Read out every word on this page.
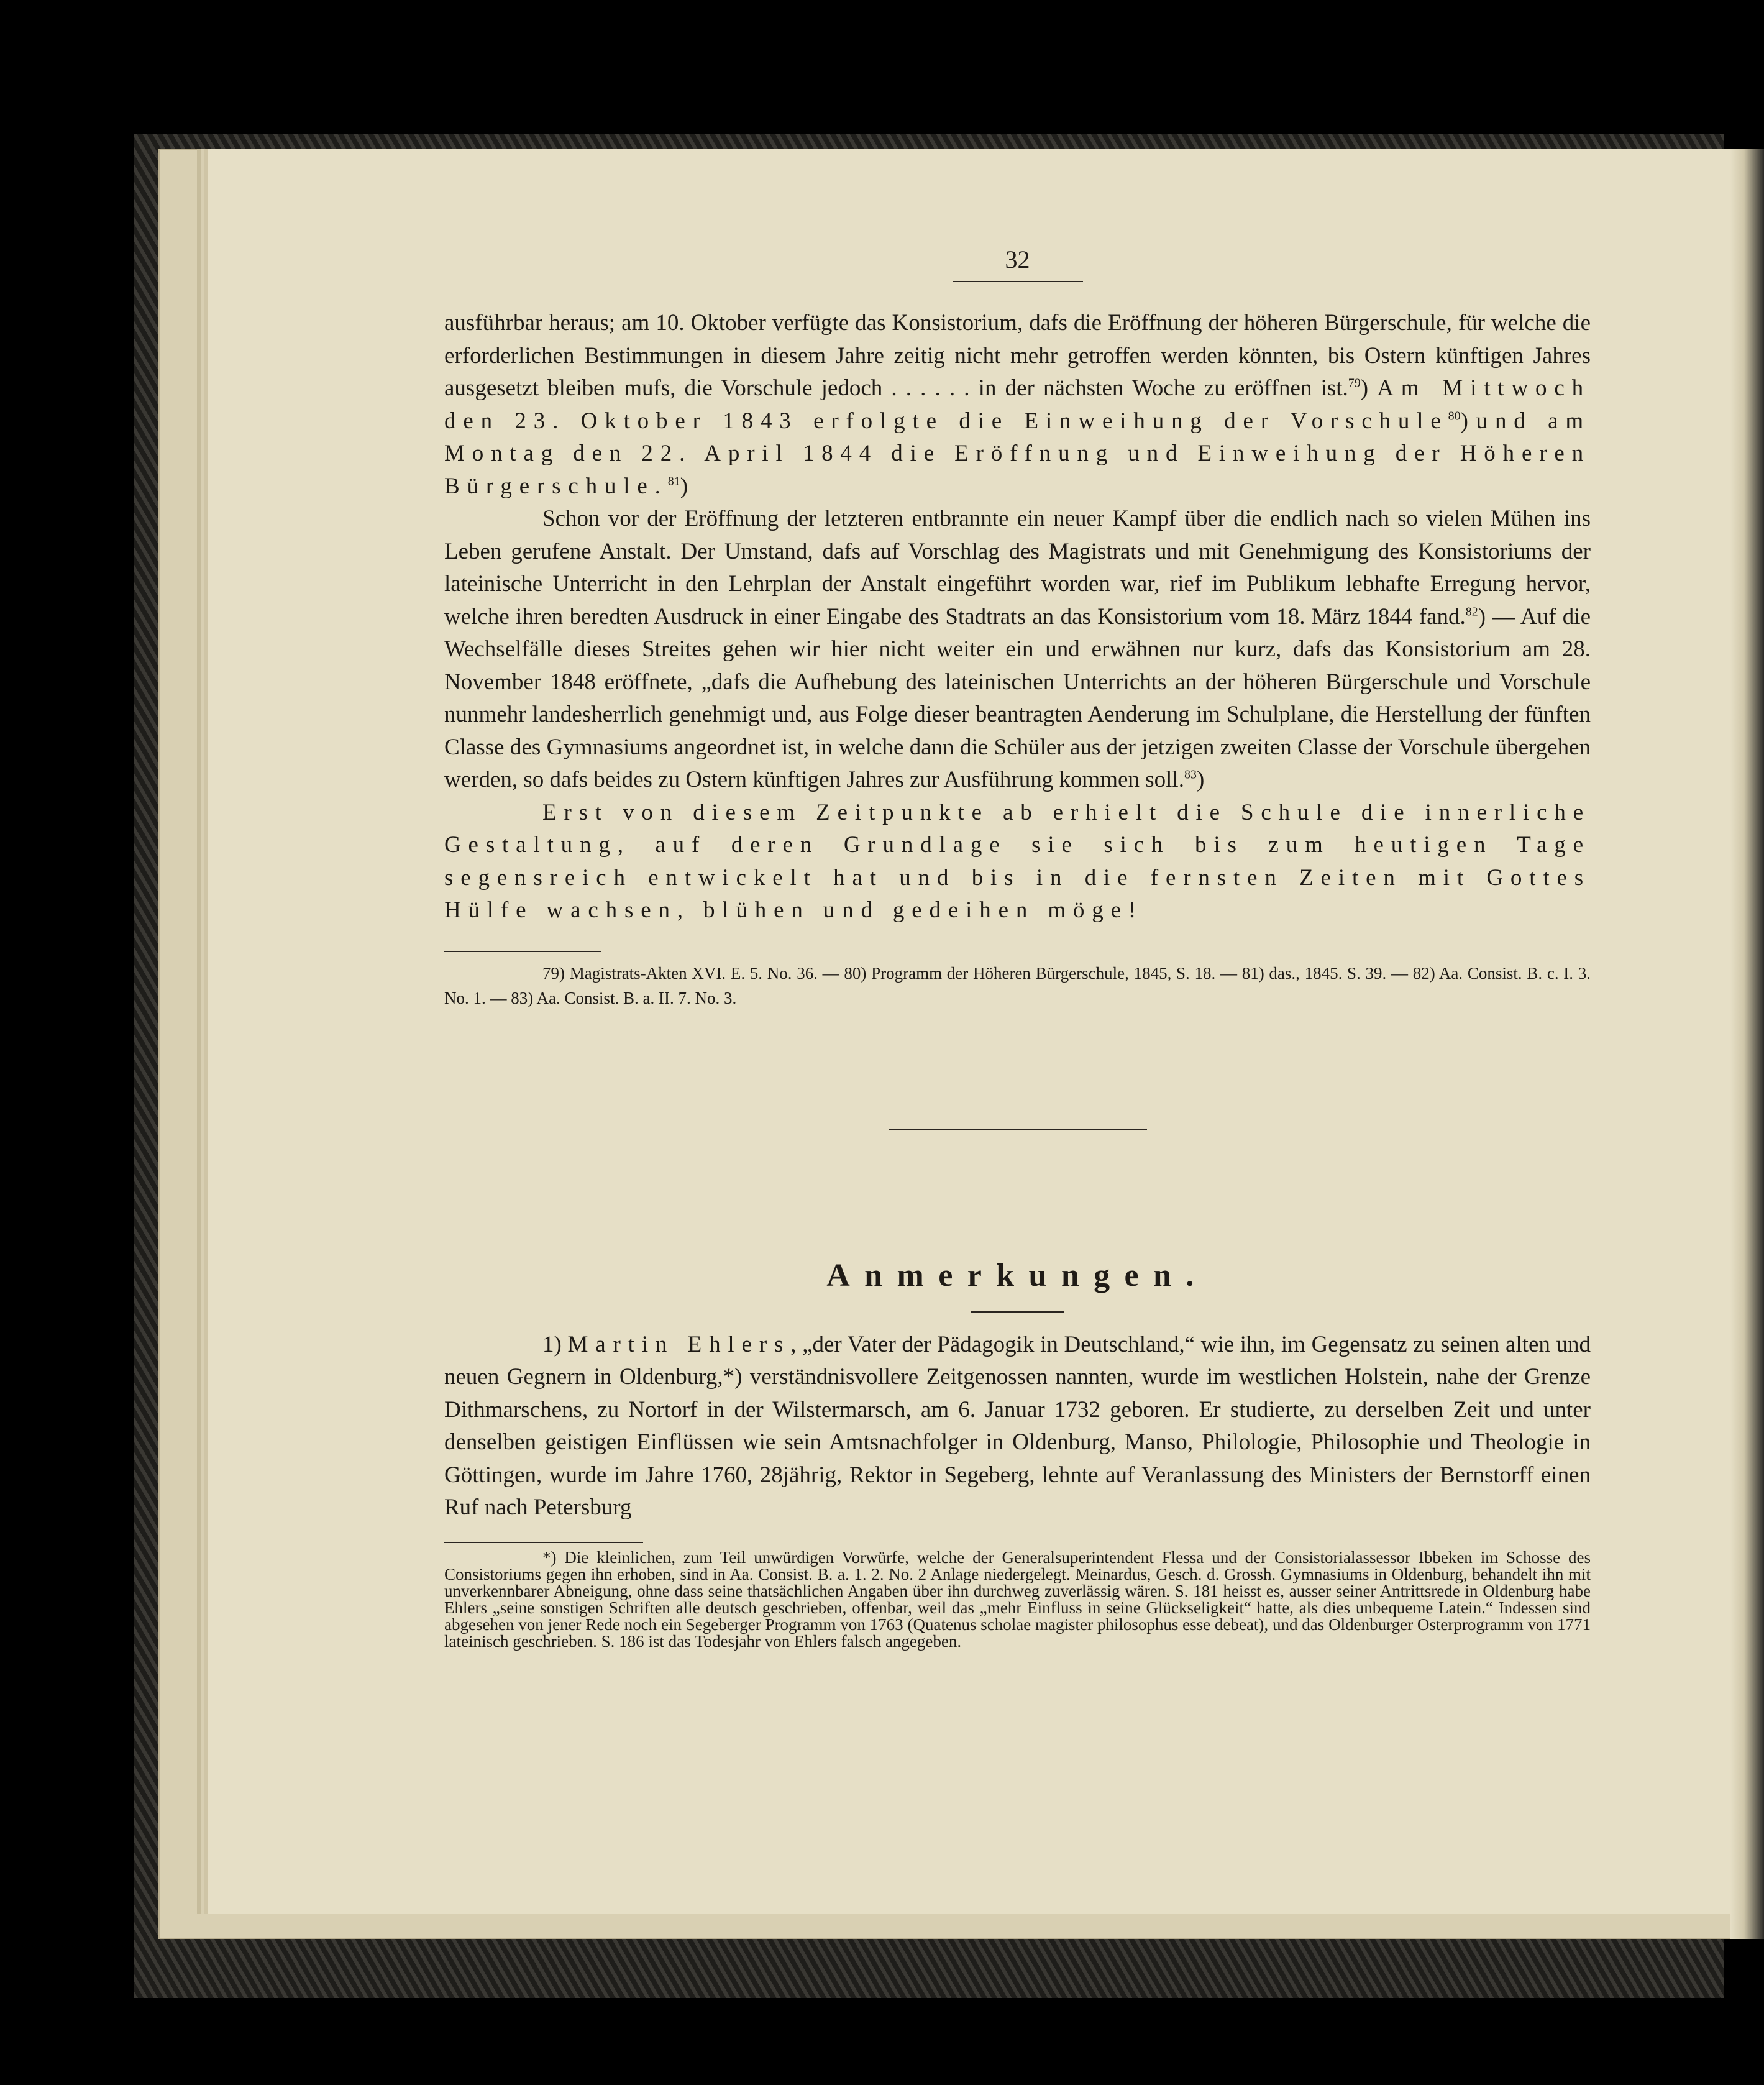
32

ausführbar heraus; am 10. Oktober verfügte das Konsistorium, dafs die Eröffnung der höheren Bürgerschule, für welche die erforderlichen Bestimmungen in diesem Jahre zeitig nicht mehr getroffen werden könnten, bis Ostern künftigen Jahres ausgesetzt bleiben mufs, die Vorschule jedoch . . . . . . in der nächsten Woche zu eröffnen ist.$^{79}$) Am Mittwoch den 23. Oktober 1843 erfolgte die Einweihung der Vorschule$^{80}$) und am Montag den 22. April 1844 die Eröffnung und Einweihung der Höheren Bürgerschule.$^{81}$)

Schon vor der Eröffnung der letzteren entbrannte ein neuer Kampf über die endlich nach so vielen Mühen ins Leben gerufene Anstalt. Der Umstand, dafs auf Vorschlag des Magistrats und mit Genehmigung des Konsistoriums der lateinische Unterricht in den Lehrplan der Anstalt eingeführt worden war, rief im Publikum lebhafte Erregung hervor, welche ihren beredten Ausdruck in einer Eingabe des Stadtrats an das Konsistorium vom 18. März 1844 fand.$^{82}$) — Auf die Wechselfälle dieses Streites gehen wir hier nicht weiter ein und erwähnen nur kurz, dafs das Konsistorium am 28. November 1848 eröffnete, „dafs die Aufhebung des lateinischen Unterrichts an der höheren Bürgerschule und Vorschule nunmehr landesherrlich genehmigt und, aus Folge dieser beantragten Aenderung im Schulplane, die Herstellung der fünften Classe des Gymnasiums angeordnet ist, in welche dann die Schüler aus der jetzigen zweiten Classe der Vorschule übergehen werden, so dafs beides zu Ostern künftigen Jahres zur Ausführung kommen soll.$^{83}$)

Erst von diesem Zeitpunkte ab erhielt die Schule die innerliche Gestaltung, auf deren Grundlage sie sich bis zum heutigen Tage segensreich entwickelt hat und bis in die fernsten Zeiten mit Gottes Hülfe wachsen, blühen und gedeihen möge!

79) Magistrats-Akten XVI. E. 5. No. 36. — 80) Programm der Höheren Bürgerschule, 1845, S. 18. — 81) das., 1845. S. 39. — 82) Aa. Consist. B. c. I. 3. No. 1. — 83) Aa. Consist. B. a. II. 7. No. 3.

Anmerkungen.

1) Martin Ehlers, „der Vater der Pädagogik in Deutschland,“ wie ihn, im Gegensatz zu seinen alten und neuen Gegnern in Oldenburg,*) verständnisvollere Zeitgenossen nannten, wurde im westlichen Holstein, nahe der Grenze Dithmarschens, zu Nortorf in der Wilstermarsch, am 6. Januar 1732 geboren. Er studierte, zu derselben Zeit und unter denselben geistigen Einflüssen wie sein Amtsnachfolger in Oldenburg, Manso, Philologie, Philosophie und Theologie in Göttingen, wurde im Jahre 1760, 28jährig, Rektor in Segeberg, lehnte auf Veranlassung des Ministers der Bernstorff einen Ruf nach Petersburg

*) Die kleinlichen, zum Teil unwürdigen Vorwürfe, welche der Generalsuperintendent Flessa und der Consistorialassessor Ibbeken im Schosse des Consistoriums gegen ihn erhoben, sind in Aa. Consist. B. a. 1. 2. No. 2 Anlage niedergelegt. Meinardus, Gesch. d. Grossh. Gymnasiums in Oldenburg, behandelt ihn mit unverkennbarer Abneigung, ohne dass seine thatsächlichen Angaben über ihn durchweg zuverlässig wären. S. 181 heisst es, ausser seiner Antrittsrede in Oldenburg habe Ehlers „seine sonstigen Schriften alle deutsch geschrieben, offenbar, weil das „mehr Einfluss in seine Glückseligkeit“ hatte, als dies unbequeme Latein.“ Indessen sind abgesehen von jener Rede noch ein Segeberger Programm von 1763 (Quatenus scholae magister philosophus esse debeat), und das Oldenburger Osterprogramm von 1771 lateinisch geschrieben. S. 186 ist das Todesjahr von Ehlers falsch angegeben.
